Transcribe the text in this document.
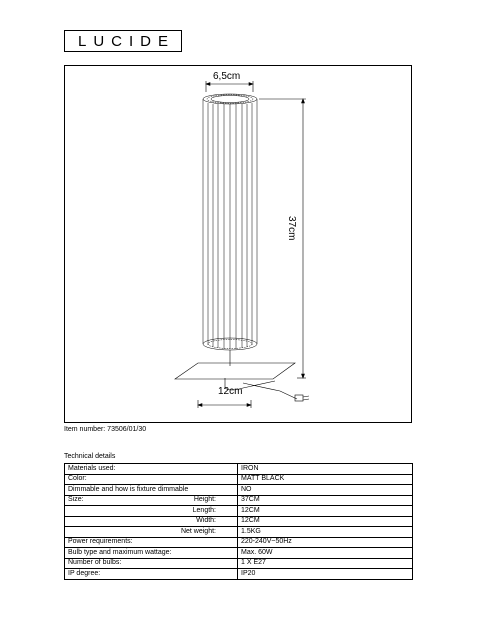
LUCIDE
6,5cm
37cm
12cm
Item number: 73506/01/30
Technical details
Materials used:	IRON

Color:	MATT BLACK

Dimmable and how is fixture dimmable	NO

Size: Height:	37CM

Length:	12CM

Width:	12CM

Net weight:	1.5KG

Power requirements:	220-240V~50Hz

Bulb type and maximum wattage:	Max. 60W

Number of bulbs:	1 X E27

IP degree:	IP20
